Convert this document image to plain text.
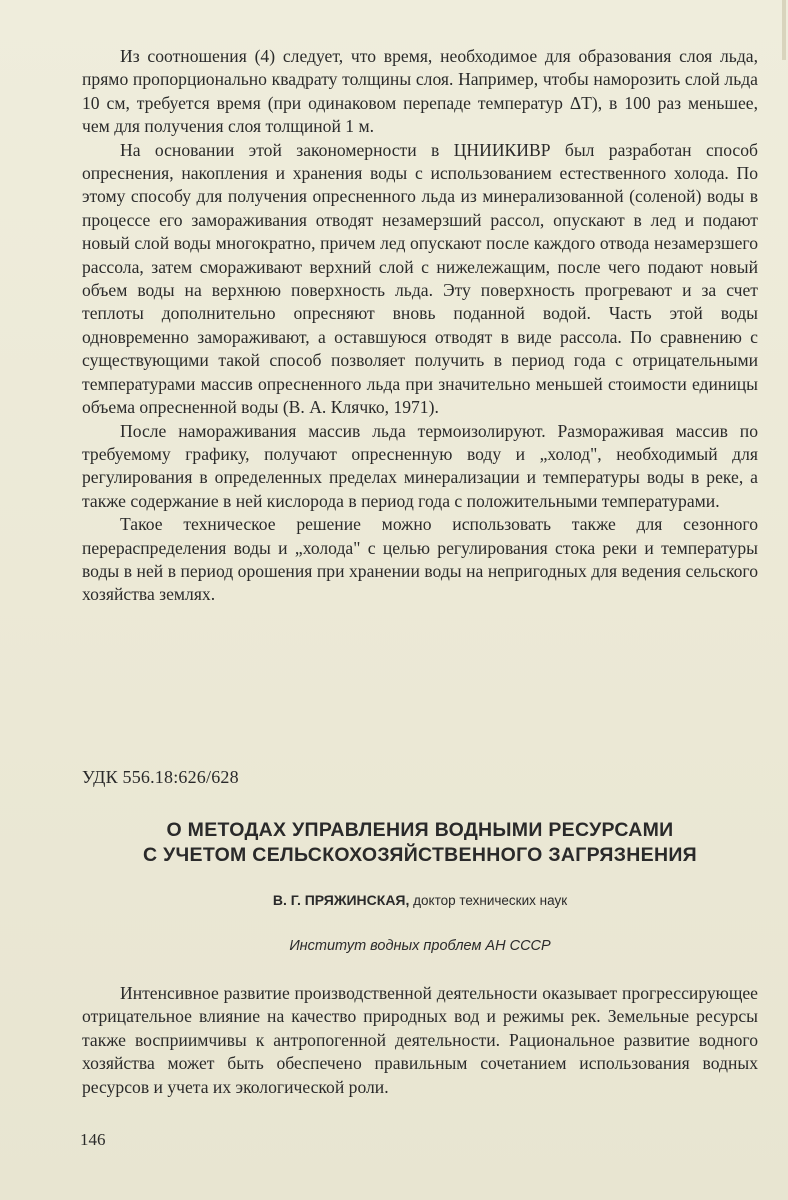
Из соотношения (4) следует, что время, необходимое для образования слоя льда, прямо пропорционально квадрату толщины слоя. Например, чтобы наморозить слой льда 10 см, требуется время (при одинаковом перепаде температур ΔT), в 100 раз меньшее, чем для получения слоя толщиной 1 м.

На основании этой закономерности в ЦНИИКИВР был разработан способ опреснения, накопления и хранения воды с использованием естественного холода. По этому способу для получения опресненного льда из минерализованной (соленой) воды в процессе его замораживания отводят незамерзший рассол, опускают в лед и подают новый слой воды многократно, причем лед опускают после каждого отвода незамерзшего рассола, затем сморaживают верхний слой с нижележащим, после чего подают новый объем воды на верхнюю поверхность льда. Эту поверхность прогревают и за счет теплоты дополнительно опресняют вновь поданной водой. Часть этой воды одновременно замораживают, а оставшуюся отводят в виде рассола. По сравнению с существующими такой способ позволяет получить в период года с отрицательными температурами массив опресненного льда при значительно меньшей стоимости единицы объема опресненной воды (В. А. Клячко, 1971).

После намораживания массив льда термоизолируют. Размораживая массив по требуемому графику, получают опресненную воду и „холод", необходимый для регулирования в определенных пределах минерализации и температуры воды в реке, а также содержание в ней кислорода в период года с положительными температурами.

Такое техническое решение можно использовать также для сезонного перераспределения воды и „холода" с целью регулирования стока реки и температуры воды в ней в период орошения при хранении воды на непригодных для ведения сельского хозяйства землях.

УДК 556.18:626/628
О МЕТОДАХ УПРАВЛЕНИЯ ВОДНЫМИ РЕСУРСАМИ
С УЧЕТОМ СЕЛЬСКОХОЗЯЙСТВЕННОГО ЗАГРЯЗНЕНИЯ
В. Г. ПРЯЖИНСКАЯ, доктор технических наук
Институт водных проблем АН СССР

Интенсивное развитие производственной деятельности оказывает прогрессирующее отрицательное влияние на качество природных вод и режимы рек. Земельные ресурсы также восприимчивы к антропогенной деятельности. Рациональное развитие водного хозяйства может быть обеспечено правильным сочетанием использования водных ресурсов и учета их экологической роли.

146
